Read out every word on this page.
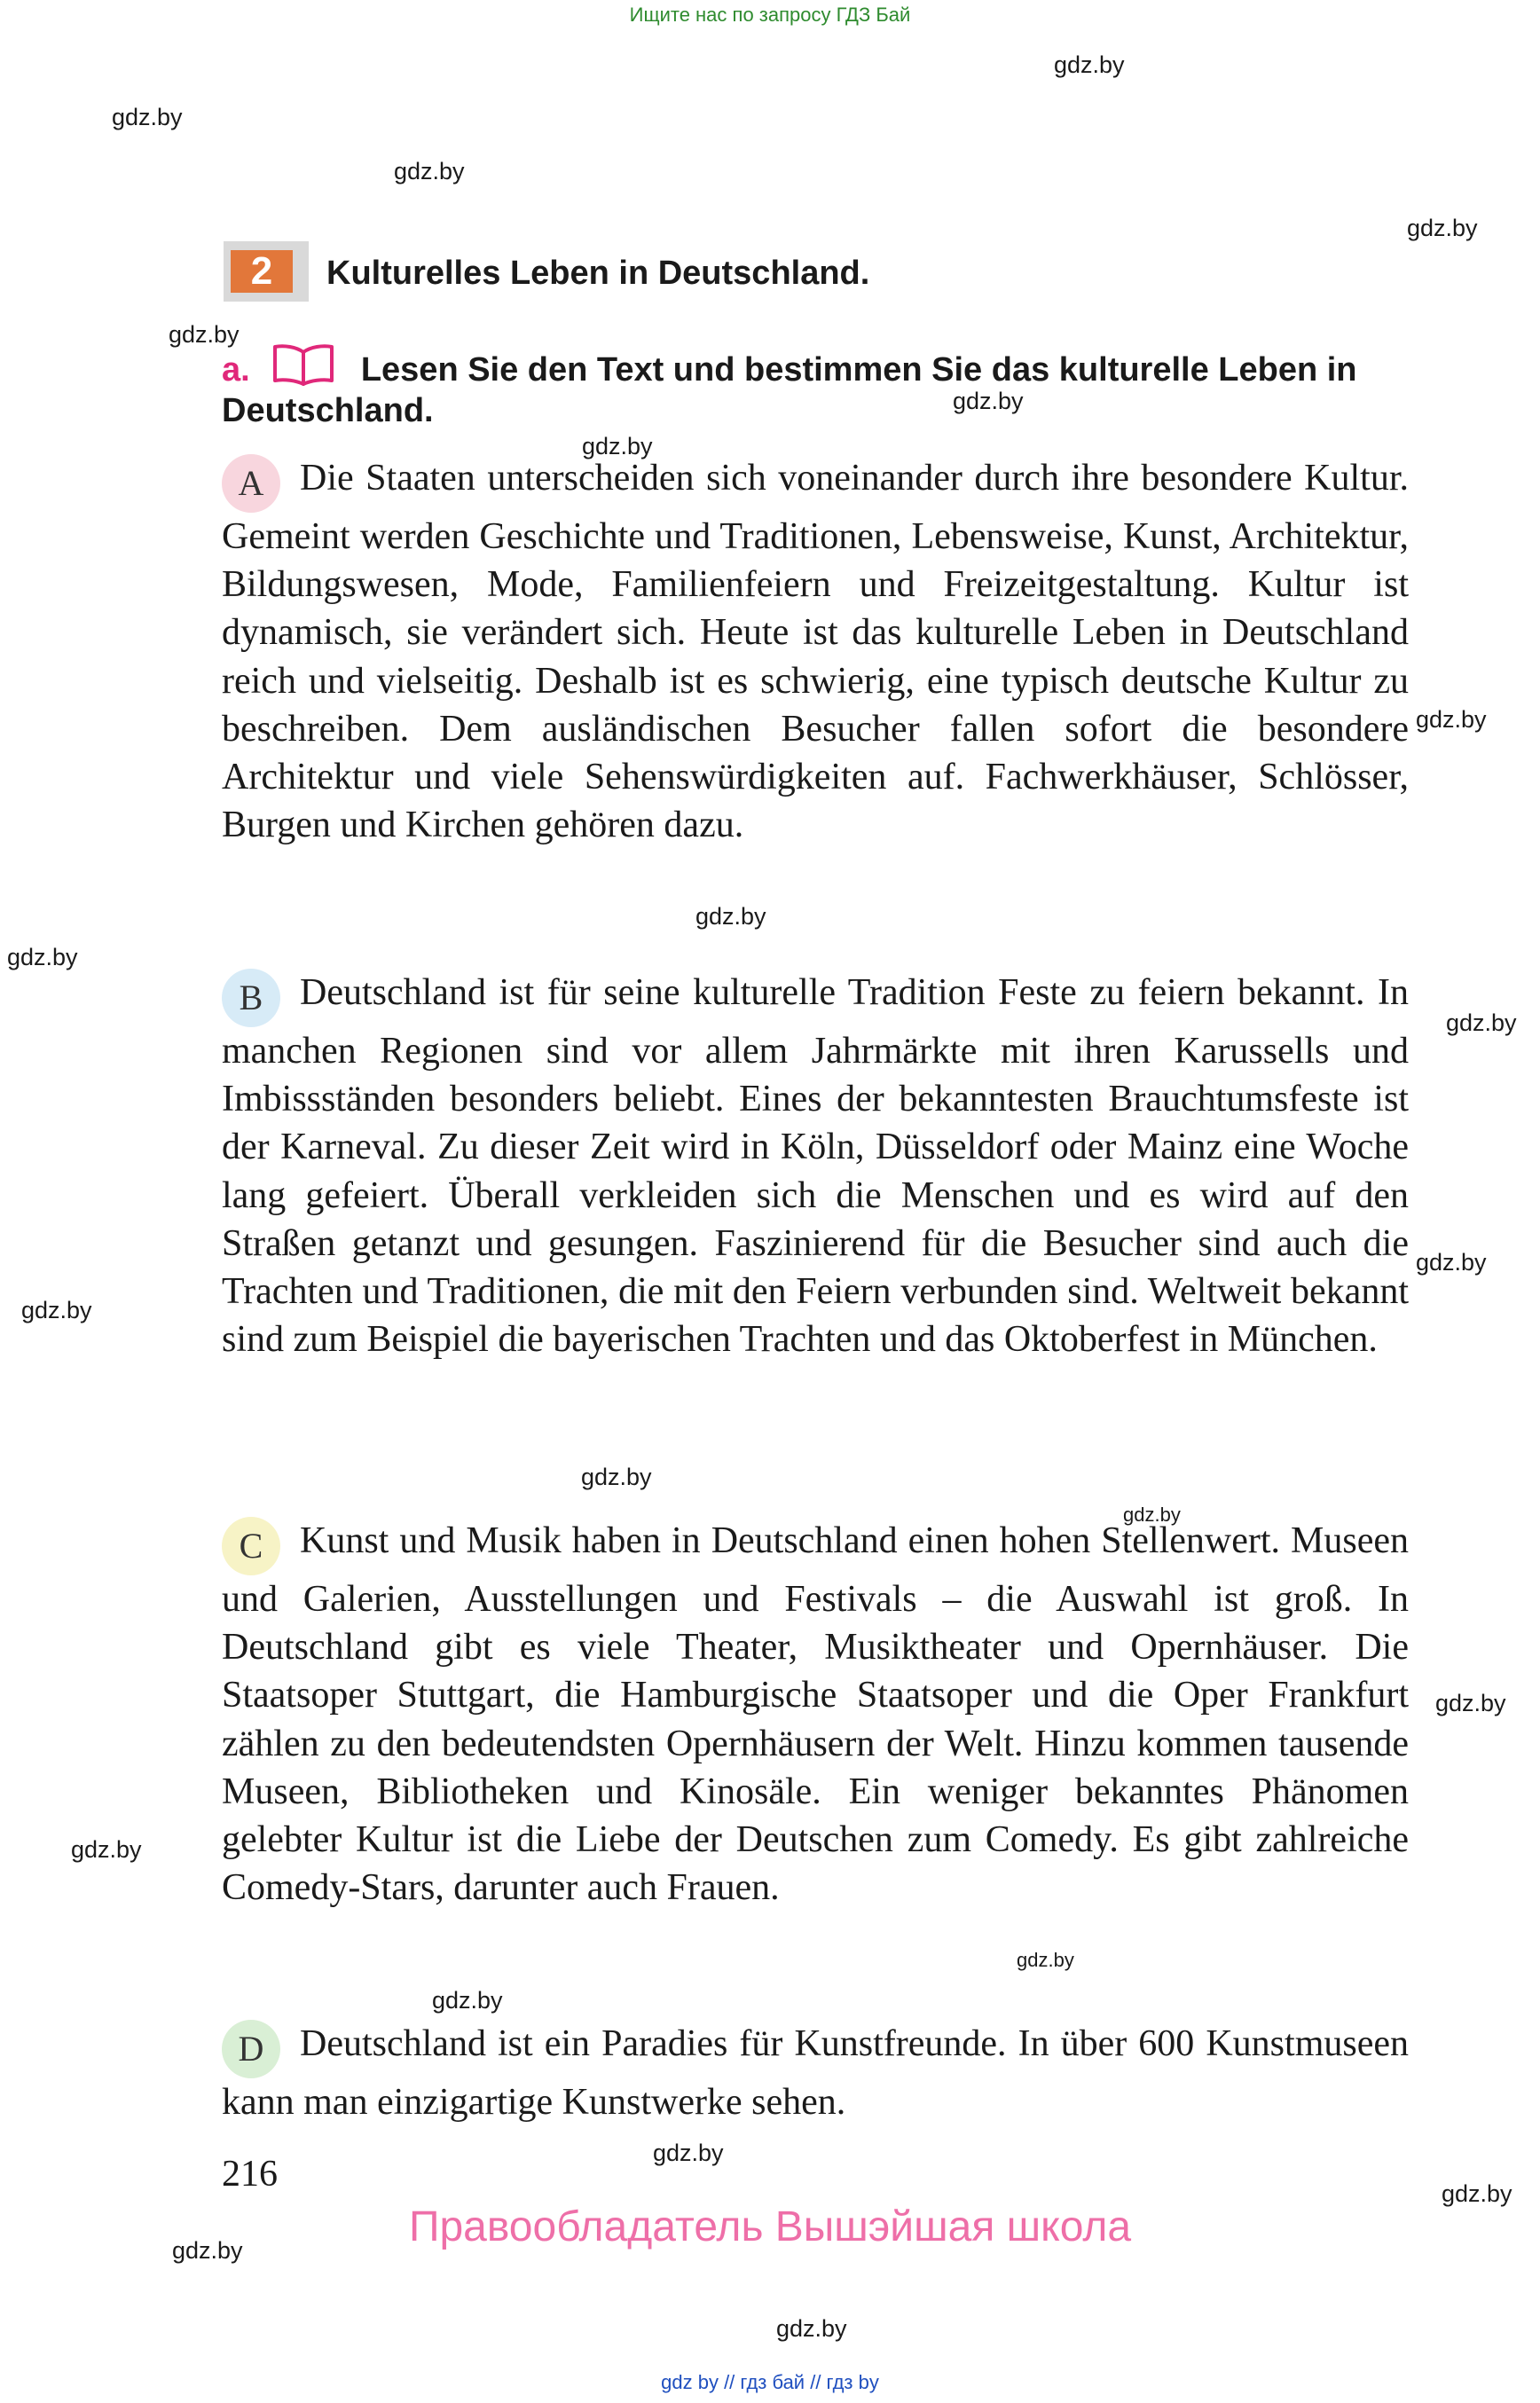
Ищите нас по запросу ГДЗ Бай
gdz.by
gdz.by
gdz.by
gdz.by
gdz.by
gdz.by
gdz.by
gdz.by
gdz.by
gdz.by
gdz.by
gdz.by
gdz.by
gdz.by
gdz.by
gdz.by
gdz.by
gdz.by
gdz.by
gdz.by
gdz.by
gdz.by
gdz.by
2	Kulturelles Leben in Deutschland.
a.	Lesen Sie den Text und bestimmen Sie das kulturelle Leben in Deutschland.
A Die Staaten unterscheiden sich voneinander durch ihre besondere Kultur. Gemeint werden Geschichte und Traditionen, Lebensweise, Kunst, Architektur, Bildungswesen, Mode, Familienfeiern und Freizeitgestaltung. Kultur ist dynamisch, sie verändert sich. Heute ist das kulturelle Leben in Deutschland reich und vielseitig. Deshalb ist es schwierig, eine typisch deutsche Kultur zu beschreiben. Dem ausländischen Besucher fallen sofort die besondere Architektur und viele Sehenswürdigkeiten auf. Fachwerkhäuser, Schlösser, Burgen und Kirchen gehören dazu.
B Deutschland ist für seine kulturelle Tradition Feste zu feiern bekannt. In manchen Regionen sind vor allem Jahrmärkte mit ihren Karussells und Imbissständen besonders beliebt. Eines der bekanntesten Brauchtumsfeste ist der Karneval. Zu dieser Zeit wird in Köln, Düsseldorf oder Mainz eine Woche lang gefeiert. Überall verkleiden sich die Menschen und es wird auf den Straßen getanzt und gesungen. Faszinierend für die Besucher sind auch die Trachten und Traditionen, die mit den Feiern verbunden sind. Weltweit bekannt sind zum Beispiel die bayerischen Trachten und das Oktoberfest in München.
C Kunst und Musik haben in Deutschland einen hohen Stellenwert. Museen und Galerien, Ausstellungen und Festivals – die Auswahl ist groß. In Deutschland gibt es viele Theater, Musiktheater und Opernhäuser. Die Staatsoper Stuttgart, die Hamburgische Staatsoper und die Oper Frankfurt zählen zu den bedeutendsten Opernhäusern der Welt. Hinzu kommen tausende Museen, Bibliotheken und Kinosäle. Ein weniger bekanntes Phänomen gelebter Kultur ist die Liebe der Deutschen zum Comedy. Es gibt zahlreiche Comedy-Stars, darunter auch Frauen.
D Deutschland ist ein Paradies für Kunstfreunde. In über 600 Kunstmuseen kann man einzigartige Kunstwerke sehen.
216
Правообладатель Вышэйшая школа
gdz by // гдз бай // гдз by
